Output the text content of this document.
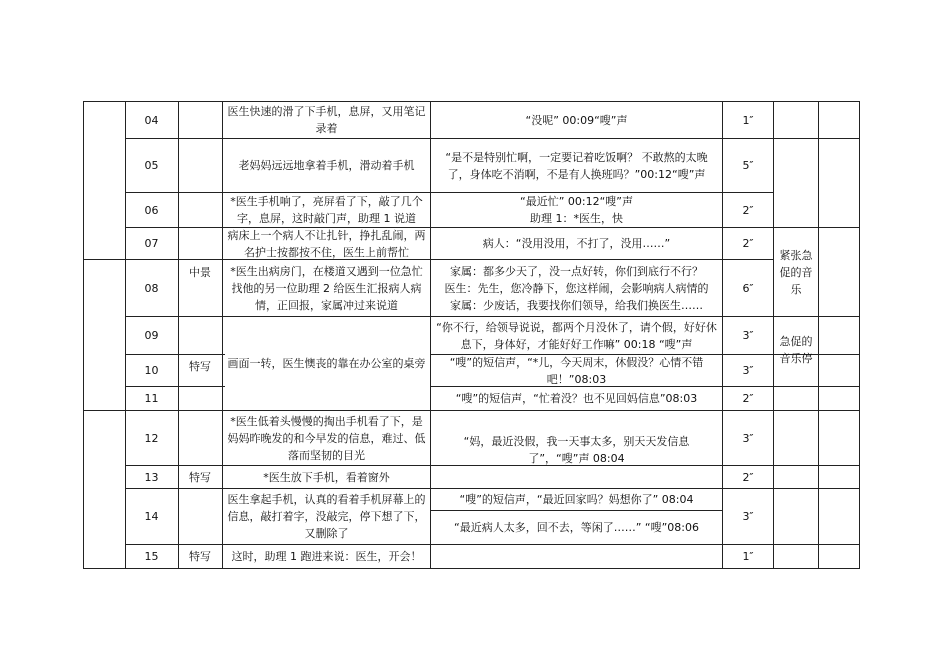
04
05
06
07
08
09
10
11
12
13
14
15
中景
特写
特写
特写
医生快速的滑了下手机，息屏，又用笔记录着
老妈妈远远地拿着手机，滑动着手机
*医生手机响了，亮屏看了下，敲了几个字，息屏，这时敲门声，助理 1 说道
病床上一个病人不让扎针，挣扎乱闹，两名护士按都按不住，医生上前帮忙
*医生出病房门，在楼道又遇到一位急忙找他的另一位助理 2 给医生汇报病人病情，正回报，家属冲过来说道
画面一转，医生懊丧的靠在办公室的桌旁
*医生低着头慢慢的掏出手机看了下，是妈妈昨晚发的和今早发的信息，难过、低落而坚韧的目光
*医生放下手机，看着窗外
医生拿起手机，认真的看着手机屏幕上的信息，敲打着字，没敲完，停下想了下，又删除了
这时，助理 1 跑进来说：医生，开会！
“没呢” 00:09“嗖”声
“是不是特别忙啊，一定要记着吃饭啊？ 不敢熬的太晚了，身体吃不消啊，不是有人换班吗？”00:12“嗖”声
“最近忙” 00:12“嗖”声
助理 1：*医生，快
病人：“没用没用，不打了，没用……”
家属：都多少天了，没一点好转，你们到底行不行？
医生：先生，您冷静下，您这样闹，会影响病人病情的
家属：少废话，我要找你们领导，给我们换医生……
“你不行，给领导说说，都两个月没休了，请个假，好好休息下，身体好，才能好好工作嘛” 00:18 “嗖”声
“嗖”的短信声，“*儿，今天周末，休假没？心情不错吧！”08:03
“嗖”的短信声，“忙着没？也不见回妈信息”08:03
“妈，最近没假，我一天事太多，别天天发信息了”，“嗖”声 08:04
“嗖”的短信声，“最近回家吗？妈想你了” 08:04
“最近病人太多，回不去，等闲了……” “嗖”08:06
1″
5″
2″
2″
6″
3″
3″
2″
3″
2″
3″
1″
紧张急促的音乐
急促的音乐停
